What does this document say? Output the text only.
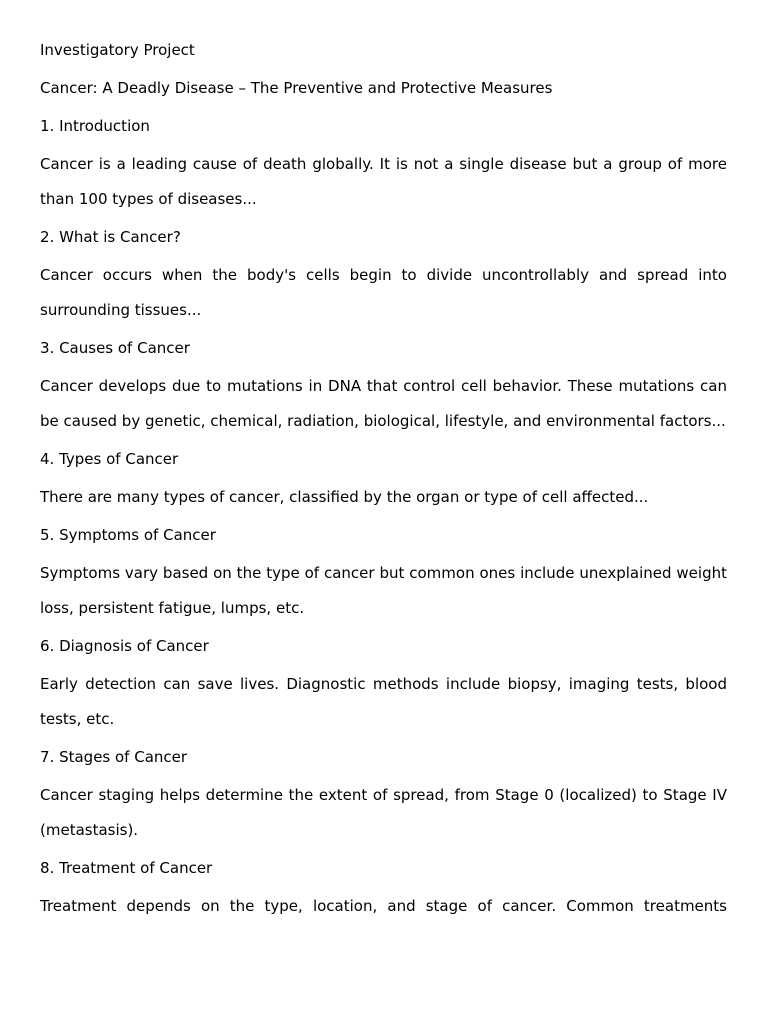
Investigatory Project

Cancer: A Deadly Disease – The Preventive and Protective Measures

1. Introduction

Cancer is a leading cause of death globally. It is not a single disease but a group of more than 100 types of diseases...

2. What is Cancer?

Cancer occurs when the body's cells begin to divide uncontrollably and spread into surrounding tissues...

3. Causes of Cancer

Cancer develops due to mutations in DNA that control cell behavior. These mutations can be caused by genetic, chemical, radiation, biological, lifestyle, and environmental factors...

4. Types of Cancer

There are many types of cancer, classified by the organ or type of cell affected...

5. Symptoms of Cancer

Symptoms vary based on the type of cancer but common ones include unexplained weight loss, persistent fatigue, lumps, etc.

6. Diagnosis of Cancer

Early detection can save lives. Diagnostic methods include biopsy, imaging tests, blood tests, etc.

7. Stages of Cancer

Cancer staging helps determine the extent of spread, from Stage 0 (localized) to Stage IV (metastasis).

8. Treatment of Cancer

Treatment depends on the type, location, and stage of cancer. Common treatments
